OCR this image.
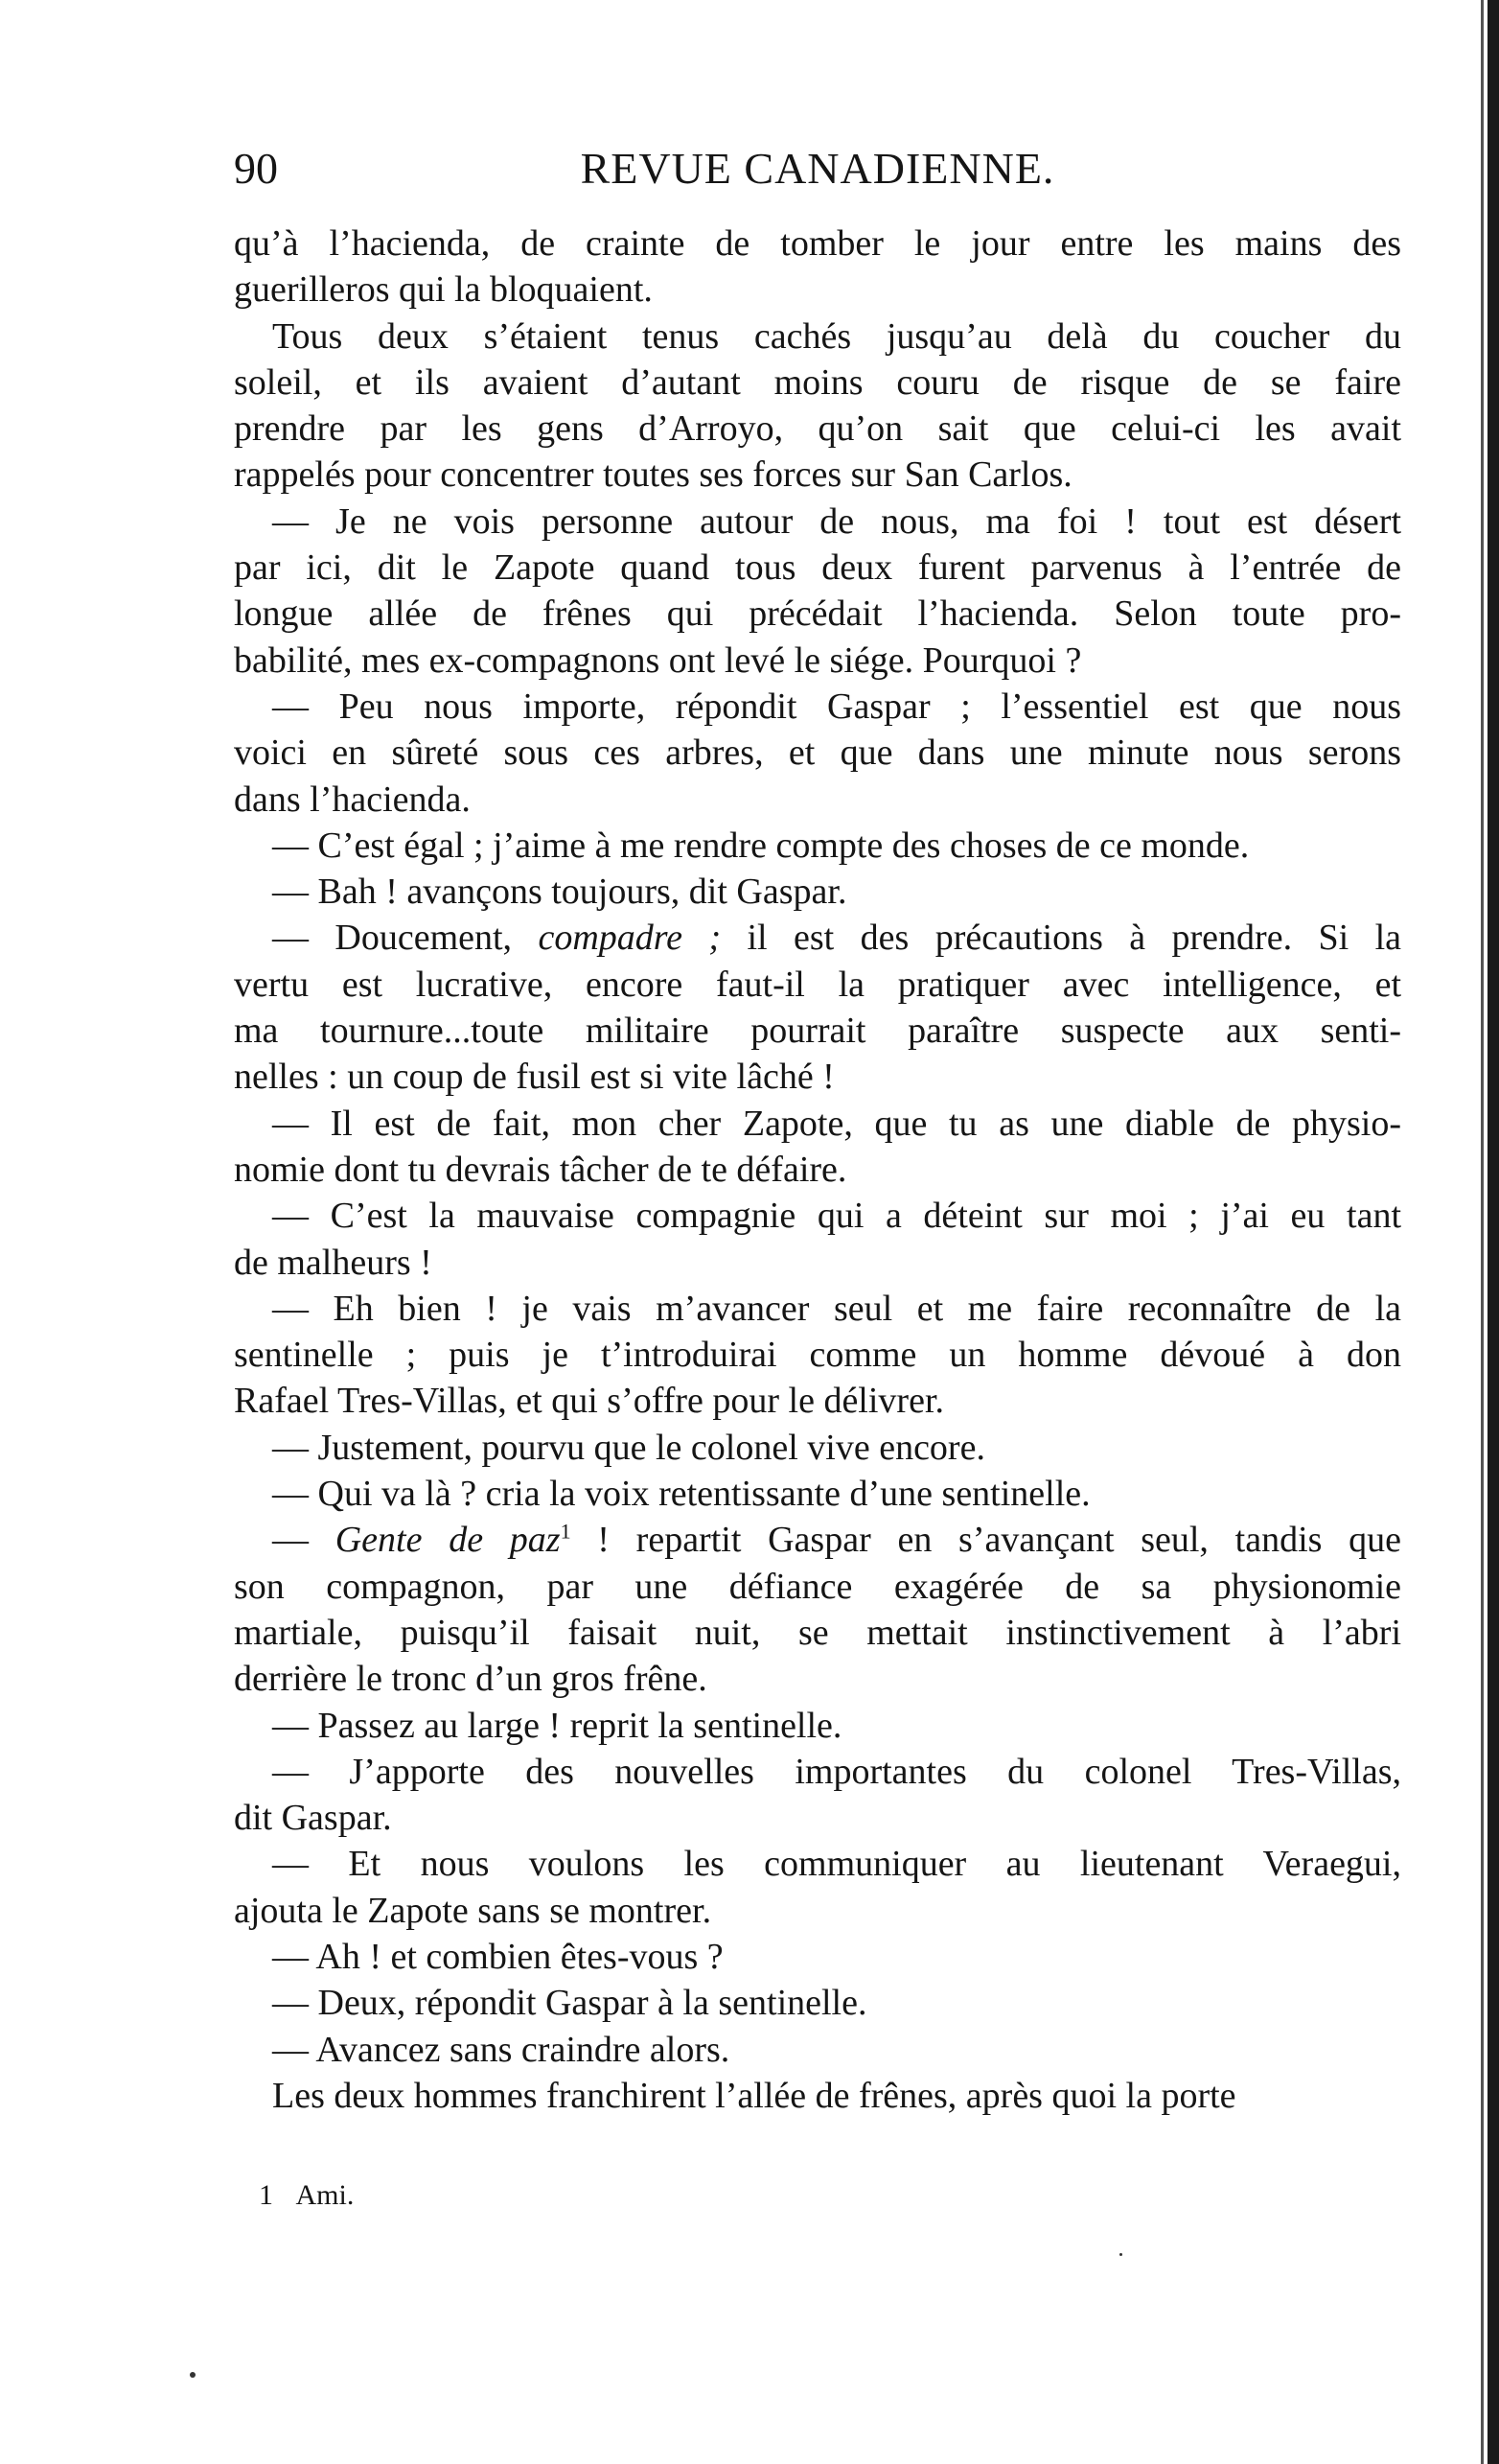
90	REVUE CANADIENNE.
qu’à l’hacienda, de crainte de tomber le jour entre les mains des
guerilleros qui la bloquaient.
Tous deux s’étaient tenus cachés jusqu’au delà du coucher du
soleil, et ils avaient d’autant moins couru de risque de se faire
prendre par les gens d’Arroyo, qu’on sait que celui-ci les avait
rappelés pour concentrer toutes ses forces sur San Carlos.
— Je ne vois personne autour de nous, ma foi ! tout est désert
par ici, dit le Zapote quand tous deux furent parvenus à l’entrée de
longue allée de frênes qui précédait l’hacienda. Selon toute pro-
babilité, mes ex-compagnons ont levé le siége. Pourquoi ?
— Peu nous importe, répondit Gaspar ; l’essentiel est que nous
voici en sûreté sous ces arbres, et que dans une minute nous serons
dans l’hacienda.
— C’est égal ; j’aime à me rendre compte des choses de ce monde.
— Bah ! avançons toujours, dit Gaspar.
— Doucement, compadre ; il est des précautions à prendre. Si la
vertu est lucrative, encore faut-il la pratiquer avec intelligence, et
ma tournure...toute militaire pourrait paraître suspecte aux senti-
nelles : un coup de fusil est si vite lâché !
— Il est de fait, mon cher Zapote, que tu as une diable de physio-
nomie dont tu devrais tâcher de te défaire.
— C’est la mauvaise compagnie qui a déteint sur moi ; j’ai eu tant
de malheurs !
— Eh bien ! je vais m’avancer seul et me faire reconnaître de la
sentinelle ; puis je t’introduirai comme un homme dévoué à don
Rafael Tres-Villas, et qui s’offre pour le délivrer.
— Justement, pourvu que le colonel vive encore.
— Qui va là ? cria la voix retentissante d’une sentinelle.
— Gente de paz$^1$ ! repartit Gaspar en s’avançant seul, tandis que
son compagnon, par une défiance exagérée de sa physionomie
martiale, puisqu’il faisait nuit, se mettait instinctivement à l’abri
derrière le tronc d’un gros frêne.
— Passez au large ! reprit la sentinelle.
— J’apporte des nouvelles importantes du colonel Tres-Villas,
dit Gaspar.
— Et nous voulons les communiquer au lieutenant Veraegui,
ajouta le Zapote sans se montrer.
— Ah ! et combien êtes-vous ?
— Deux, répondit Gaspar à la sentinelle.
— Avancez sans craindre alors.
Les deux hommes franchirent l’allée de frênes, après quoi la porte
1 Ami.
